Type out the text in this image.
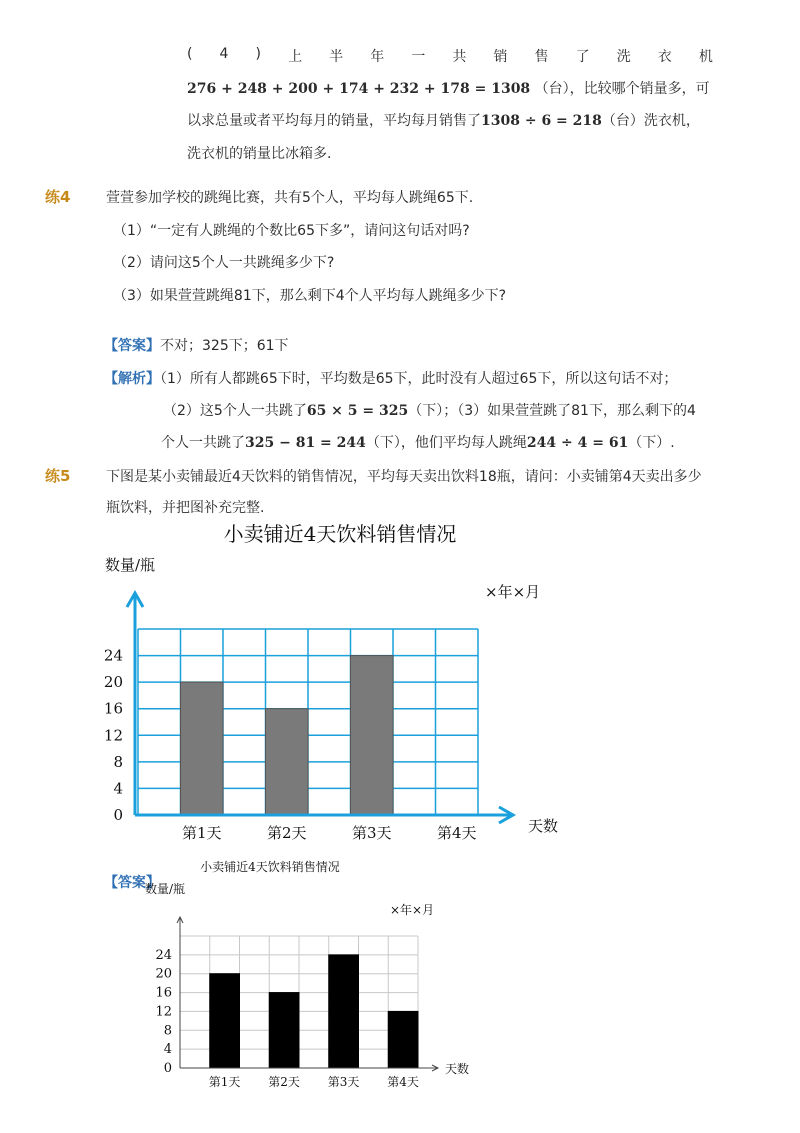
( 4 ) 上 半 年 一 共 销 售 了 洗 衣 机
276 + 248 + 200 + 174 + 232 + 178 = 1308 （台），比较哪个销量多，可
以求总量或者平均每月的销量，平均每月销售了1308 ÷ 6 = 218（台）洗衣机，
洗衣机的销量比冰箱多.
练4	萱萱参加学校的跳绳比赛，共有5个人，平均每人跳绳65下.
（1）“一定有人跳绳的个数比65下多”，请问这句话对吗?
（2）请问这5个人一共跳绳多少下?
（3）如果萱萱跳绳81下，那么剩下4个人平均每人跳绳多少下?
【答案】不对；325下；61下
【解析】（1）所有人都跳65下时，平均数是65下，此时没有人超过65下，所以这句话不对；
（2）这5个人一共跳了65 × 5 = 325（下）；（3）如果萱萱跳了81下，那么剩下的4
个人一共跳了325 − 81 = 244（下），他们平均每人跳绳244 ÷ 4 = 61（下）.
练5	下图是某小卖铺最近4天饮料的销售情况，平均每天卖出饮料18瓶，请问：小卖铺第4天卖出多少
瓶饮料，并把图补充完整.
小卖铺近4天饮料销售情况
数量/瓶
×年×月
0
4
8
12
16
20
24
第1天	第2天	第3天	第4天	天数
【答案】
小卖铺近4天饮料销售情况
数量/瓶
×年×月
0
4
8
12
16
20
24
第1天 第2天 第3天 第4天
天数
